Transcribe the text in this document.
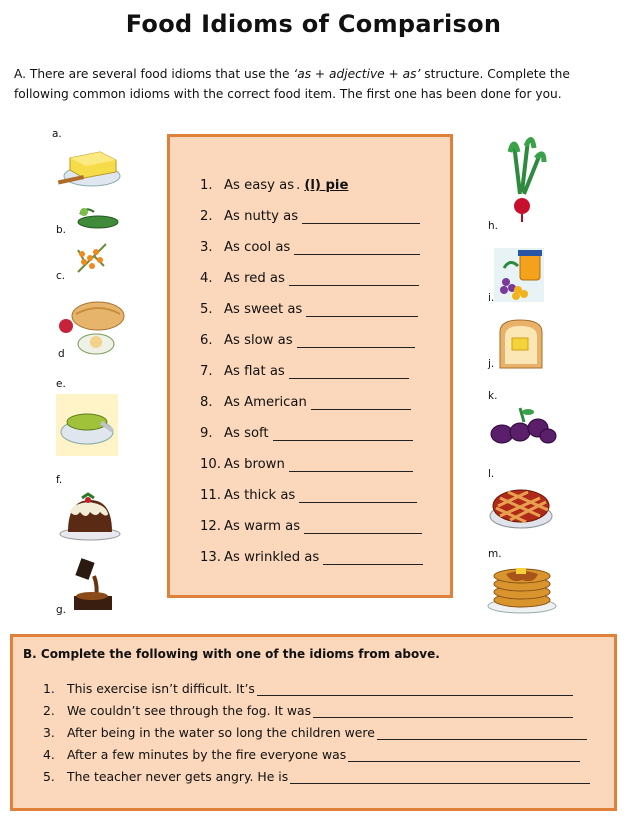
Food Idioms of Comparison
A. There are several food idioms that use the ‘as + adjective + as’ structure. Complete the
following common idioms with the correct food item. The first one has been done for you.
a.
b.
c.
d
e.
f.
g.
h.
i.
j.
k.
l.
m.
1. As easy as . (l) pie
2. As nutty as
3. As cool as
4. As red as
5. As sweet as
6. As slow as
7. As flat as
8. As American
9. As soft
10. As brown
11. As thick as
12. As warm as
13. As wrinkled as
B. Complete the following with one of the idioms from above.
1. This exercise isn’t difficult. It’s
2. We couldn’t see through the fog. It was
3. After being in the water so long the children were
4. After a few minutes by the fire everyone was
5. The teacher never gets angry. He is
